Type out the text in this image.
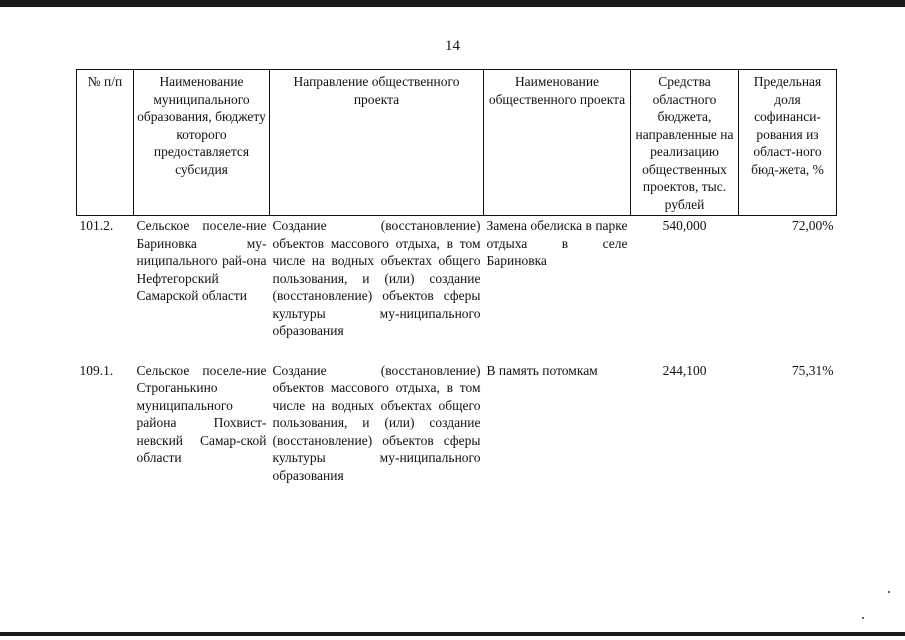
14
№ п/п	Наименование муниципального образования, бюджету которого предоставляется субсидия	Направление общественного проекта	Наименование общественного проекта	Средства областного бюджета, направленные на реализацию общественных проектов, тыс. рублей	Предельная доля софинанси-рования из област-ного бюд-жета, %
101.2.	Сельское поселе-ние Бариновка му-ниципального рай-она Нефтегорский Самарской области	Создание (восстановление) объектов массового отдыха, в том числе на водных объектах общего пользования, и (или) создание (восстановление) объектов сферы культуры му-ниципального образования	Замена обелиска в парке отдыха в селе Бариновка	540,000	72,00%
109.1.	Сельское поселе-ние Строганькино муниципального района Похвист-невский Самар-ской области	Создание (восстановление) объектов массового отдыха, в том числе на водных объектах общего пользования, и (или) создание (восстановление) объектов сферы культуры му-ниципального образования	В память потомкам	244,100	75,31%
